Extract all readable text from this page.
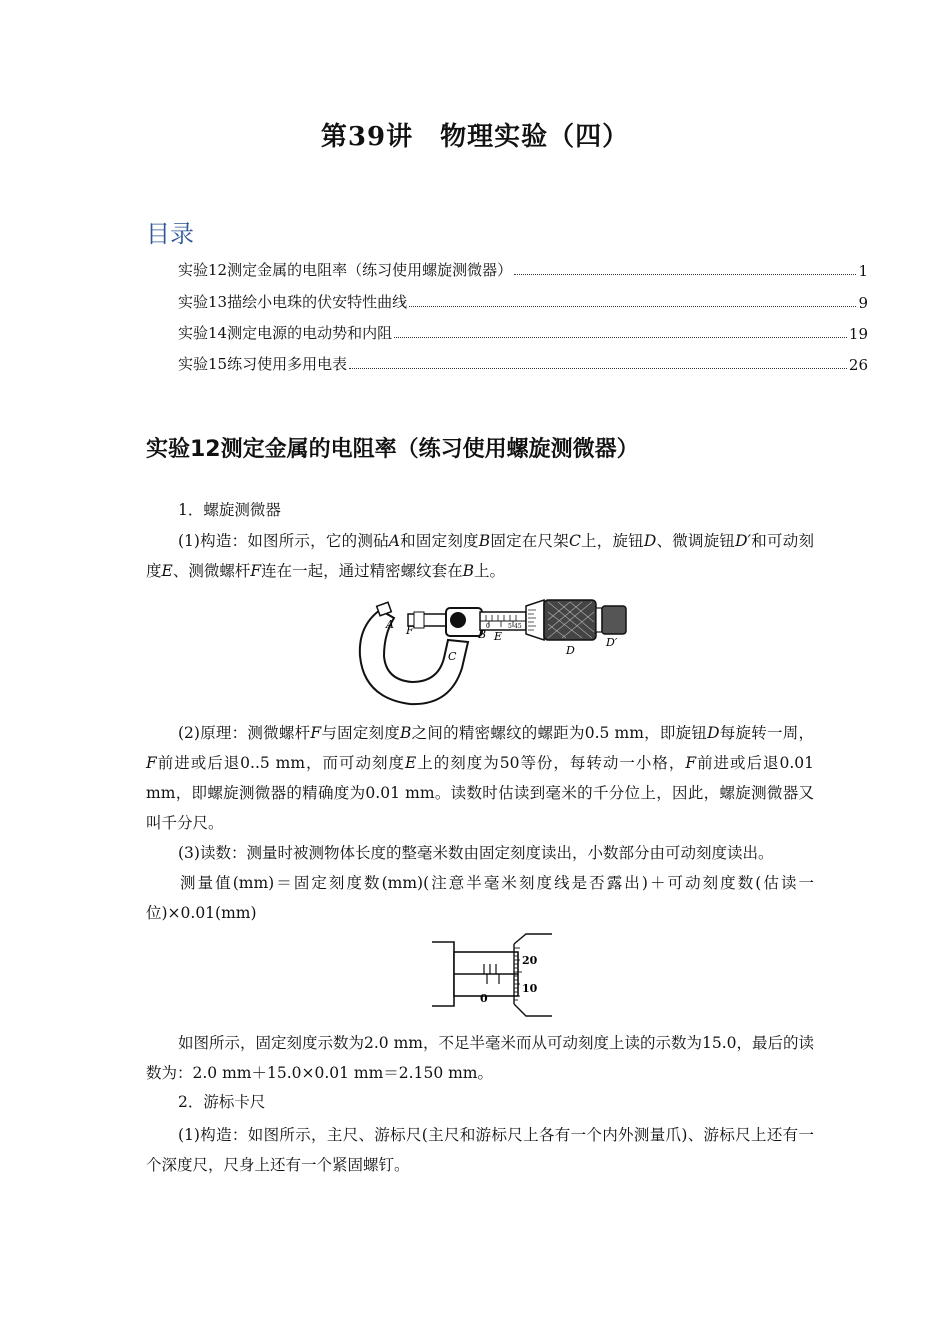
第39讲　物理实验（四）
目录
实验12测定金属的电阻率（练习使用螺旋测微器）	1
实验13描绘小电珠的伏安特性曲线	9
实验14测定电源的电动势和内阻	19
实验15练习使用多用电表	26
实验12测定金属的电阻率（练习使用螺旋测微器）
1．螺旋测微器
(1)构造：如图所示，它的测砧A和固定刻度B固定在尺架C上，旋钮D、微调旋钮D′和可动刻度E、测微螺杆F连在一起，通过精密螺纹套在B上。
A F	B E
C	D
D′
0	5 45
(2)原理：测微螺杆F与固定刻度B之间的精密螺纹的螺距为0.5 mm，即旋钮D每旋转一周，F前进或后退0..5 mm，而可动刻度E上的刻度为50等份，每转动一小格，F前进或后退0.01 mm，即螺旋测微器的精确度为0.01 mm。读数时估读到毫米的千分位上，因此，螺旋测微器又叫千分尺。
(3)读数：测量时被测物体长度的整毫米数由固定刻度读出，小数部分由可动刻度读出。
测量值(mm)＝固定刻度数(mm)(注意半毫米刻度线是否露出)＋可动刻度数(估读一位)×0.01(mm)
20
10
0
如图所示，固定刻度示数为2.0 mm，不足半毫米而从可动刻度上读的示数为15.0，最后的读数为：2.0 mm＋15.0×0.01 mm＝2.150 mm。
2．游标卡尺
(1)构造：如图所示，主尺、游标尺(主尺和游标尺上各有一个内外测量爪)、游标尺上还有一个深度尺，尺身上还有一个紧固螺钉。
